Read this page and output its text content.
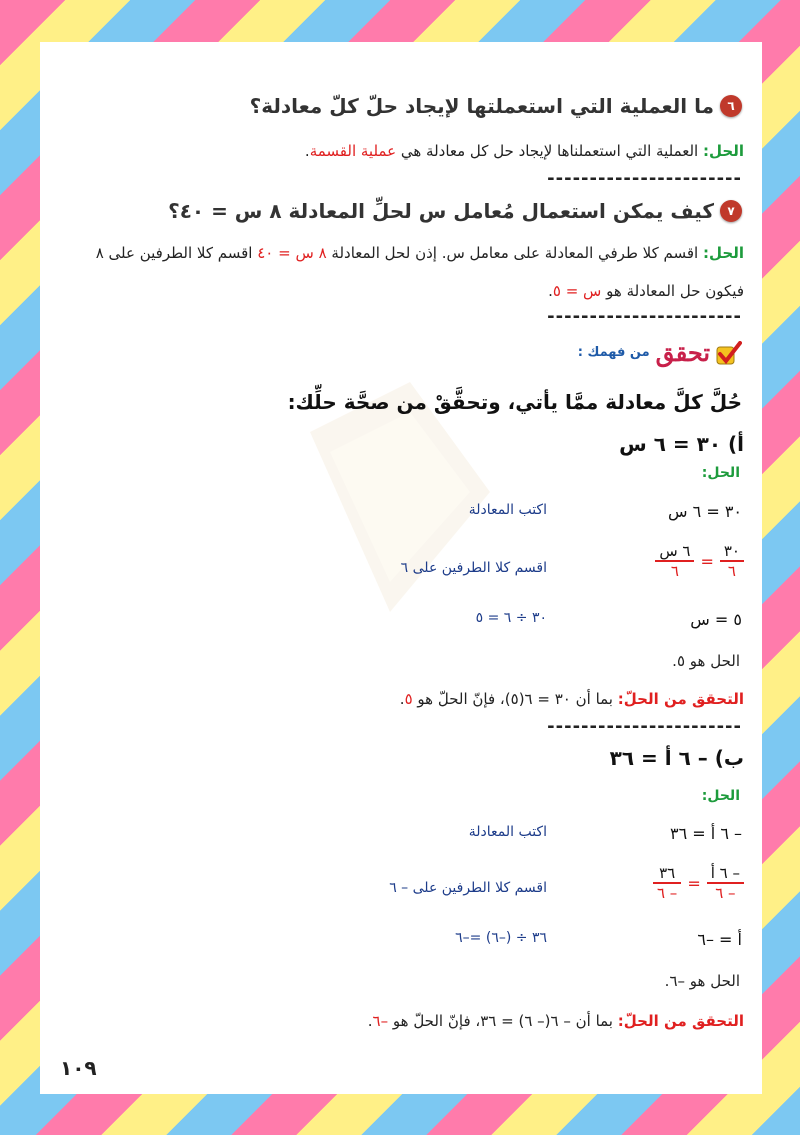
٦
ما العملية التي استعملتها لإيجاد حلّ كلّ معادلة؟
الحل: العملية التي استعملناها لإيجاد حل كل معادلة هي عملية القسمة.
-----------------------
٧
كيف يمكن استعمال مُعامل س لحلِّ المعادلة ٨ س = ٤٠؟
الحل: اقسم كلا طرفي المعادلة على معامل س. إذن لحل المعادلة ٨ س = ٤٠ اقسم كلا الطرفين على ٨
فيكون حل المعادلة هو س = ٥.
-----------------------
تحقق
من فهمك :
حُلَّ كلَّ معادلة ممَّا يأتي، وتحقَّقْ من صحَّة حلِّك:
أ) ٣٠ = ٦ س
الحل:
٣٠ = ٦ س
اكتب المعادلة
$\frac{٣٠}{٦}$
=
$\frac{\text{٦ س}}{٦}$
اقسم كلا الطرفين على ٦
٥ = س
٣٠ ÷ ٦ = ٥
الحل هو ٥.
التحقق من الحلّ: بما أن ٣٠ = ٦(٥)، فإنّ الحلّ هو ٥.
-----------------------
ب) – ٦ أ = ٣٦
الحل:
– ٦ أ = ٣٦
اكتب المعادلة
$\frac{\text{– ٦ أ}}{- ٦}$
=
$\frac{٣٦}{- ٦}$
اقسم كلا الطرفين على – ٦
أ = –٦
٣٦ ÷ (–٦) =–٦
الحل هو –٦.
التحقق من الحلّ: بما أن – ٦(– ٦) = ٣٦، فإنّ الحلّ هو –٦.
١٠٩
